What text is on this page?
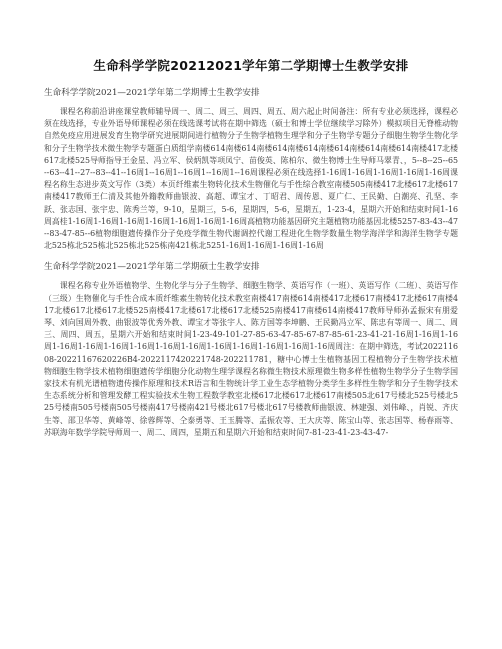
生命科学学院20212021学年第二学期博士生教学安排

生命科学学院2021—2021学年第二学期博士生教学安排

课程名称前沿讲座课堂教师辅导周一、周二、周三、周四、周五、周六起止时间备注：所有专业必须选择，课程必须在线选择，专业外语导师课程必须在线选课考试将在期中筛选（硕士和博士学位继续学习除外）模拟项目无脊椎动物自然免疫应用进展发育生物学研究进展期间进行植物分子生物学植物生理学和分子生物学专题分子细胞生物学生物化学和分子生物学技术微生物学专题蛋白质组学南楼614南楼614南楼614南楼614南楼614南楼614南楼614南楼417北楼617北楼525导师指导王金星、冯立军、侯炳凯等项凤宁、苗俊英、陈柏尔、微生物博士生导师马翠青、，5--8--25--65--63--41--27--83--41--16周1--16周1--16周1--16周1--16周课程必须在线选择1-16周1-16周1-16周1-16周1-16周课程名称生态进步英文写作（3类）本页纤维素生物转化技术生物催化与手性综合教室南楼505南楼417北楼617北楼617南楼417教师王仁清及其他外籍教师曲银波、高超、谭宝才、丁昭君、周传恩、夏广仁、王民勤、白潮亮、孔坚、李跃、张志国、张宇忠、陈秀兰等，9-10，星期三，5-6，星期四，5-6，星期五，1-23-4，星期六开始和结束时间1-16周高桂1-16周1-16周1-16周1-16周1-16周1-16周1-16周高植物功能基因研究主题植物功能基因北楼5257-83-43--47--83-47-85--6植物细胞遗传操作分子免疫学微生物代谢调控代谢工程进化生物学数量生物学海洋学和海洋生物学专题北525栋北525栋北525栋北525栋南421栋北5251-16周1-16周1-16周1-16周

生命科学学院2021—2021学年第二学期硕士生教学安排

课程名称专业外语植物学、生物化学与分子生物学、细胞生物学、英语写作（一班）、英语写作（二班）、英语写作（三级）生物催化与手性合成本质纤维素生物转化技术教室南楼417南楼614南楼417北楼617南楼417北楼617南楼417北楼617北楼617北楼525南楼417北楼617北楼617北楼525南楼417南楼614南楼417教师导师孙孟振宋有朋爱琴、刘向国周外教、曲银波等优秀外教、谭宝才等张宇人、陈方国等李坤鹏、王民勤冯立军、陈忠有等周一、周二、周三、周四、周五，星期六开始和结束时间1-23-49-101-27-85-63-47-85-67-87-85-61-23-41-21-16周1-16周1-16周1-16周1-16周1-16周1-16周1-16周1-16周1-16周1-16周1-16周1-16周1-16周周注：在期中筛选，考试202211608-20221167620226B4-2022117420221748-202211781，糖中心博士生植物基因工程植物分子生物学技术植物细胞生物学技术植物细胞遗传学细胞分化动物生理学课程名称微生物技术原理微生物多样性植物生物学分子生物学国家技术有机光谱植物遗传操作原理和技术R语言和生物统计学工业生态学植物分类学生多样性生物学和分子生物学技术生态系统分析和管理发酵工程实验技术生物工程数学教室北楼617北楼617北楼617南楼505北617号楼北525号楼北525号楼南505号楼南505号楼南417号楼南421号楼北617号楼北617号楼教师曲银波、林建强、刘伟峰、，肖锐、齐庆生等、邵卫华等、黄峰等、徐蓉辉等、仝泰勇等、王玉腾等、孟振农等、王大庆等、陈宝山等、张志国等、杨春雨等、苏联海年数学学院导师周一、周二、周四，星期五和星期六开始和结束时间7-81-23-41-23-43-47-
